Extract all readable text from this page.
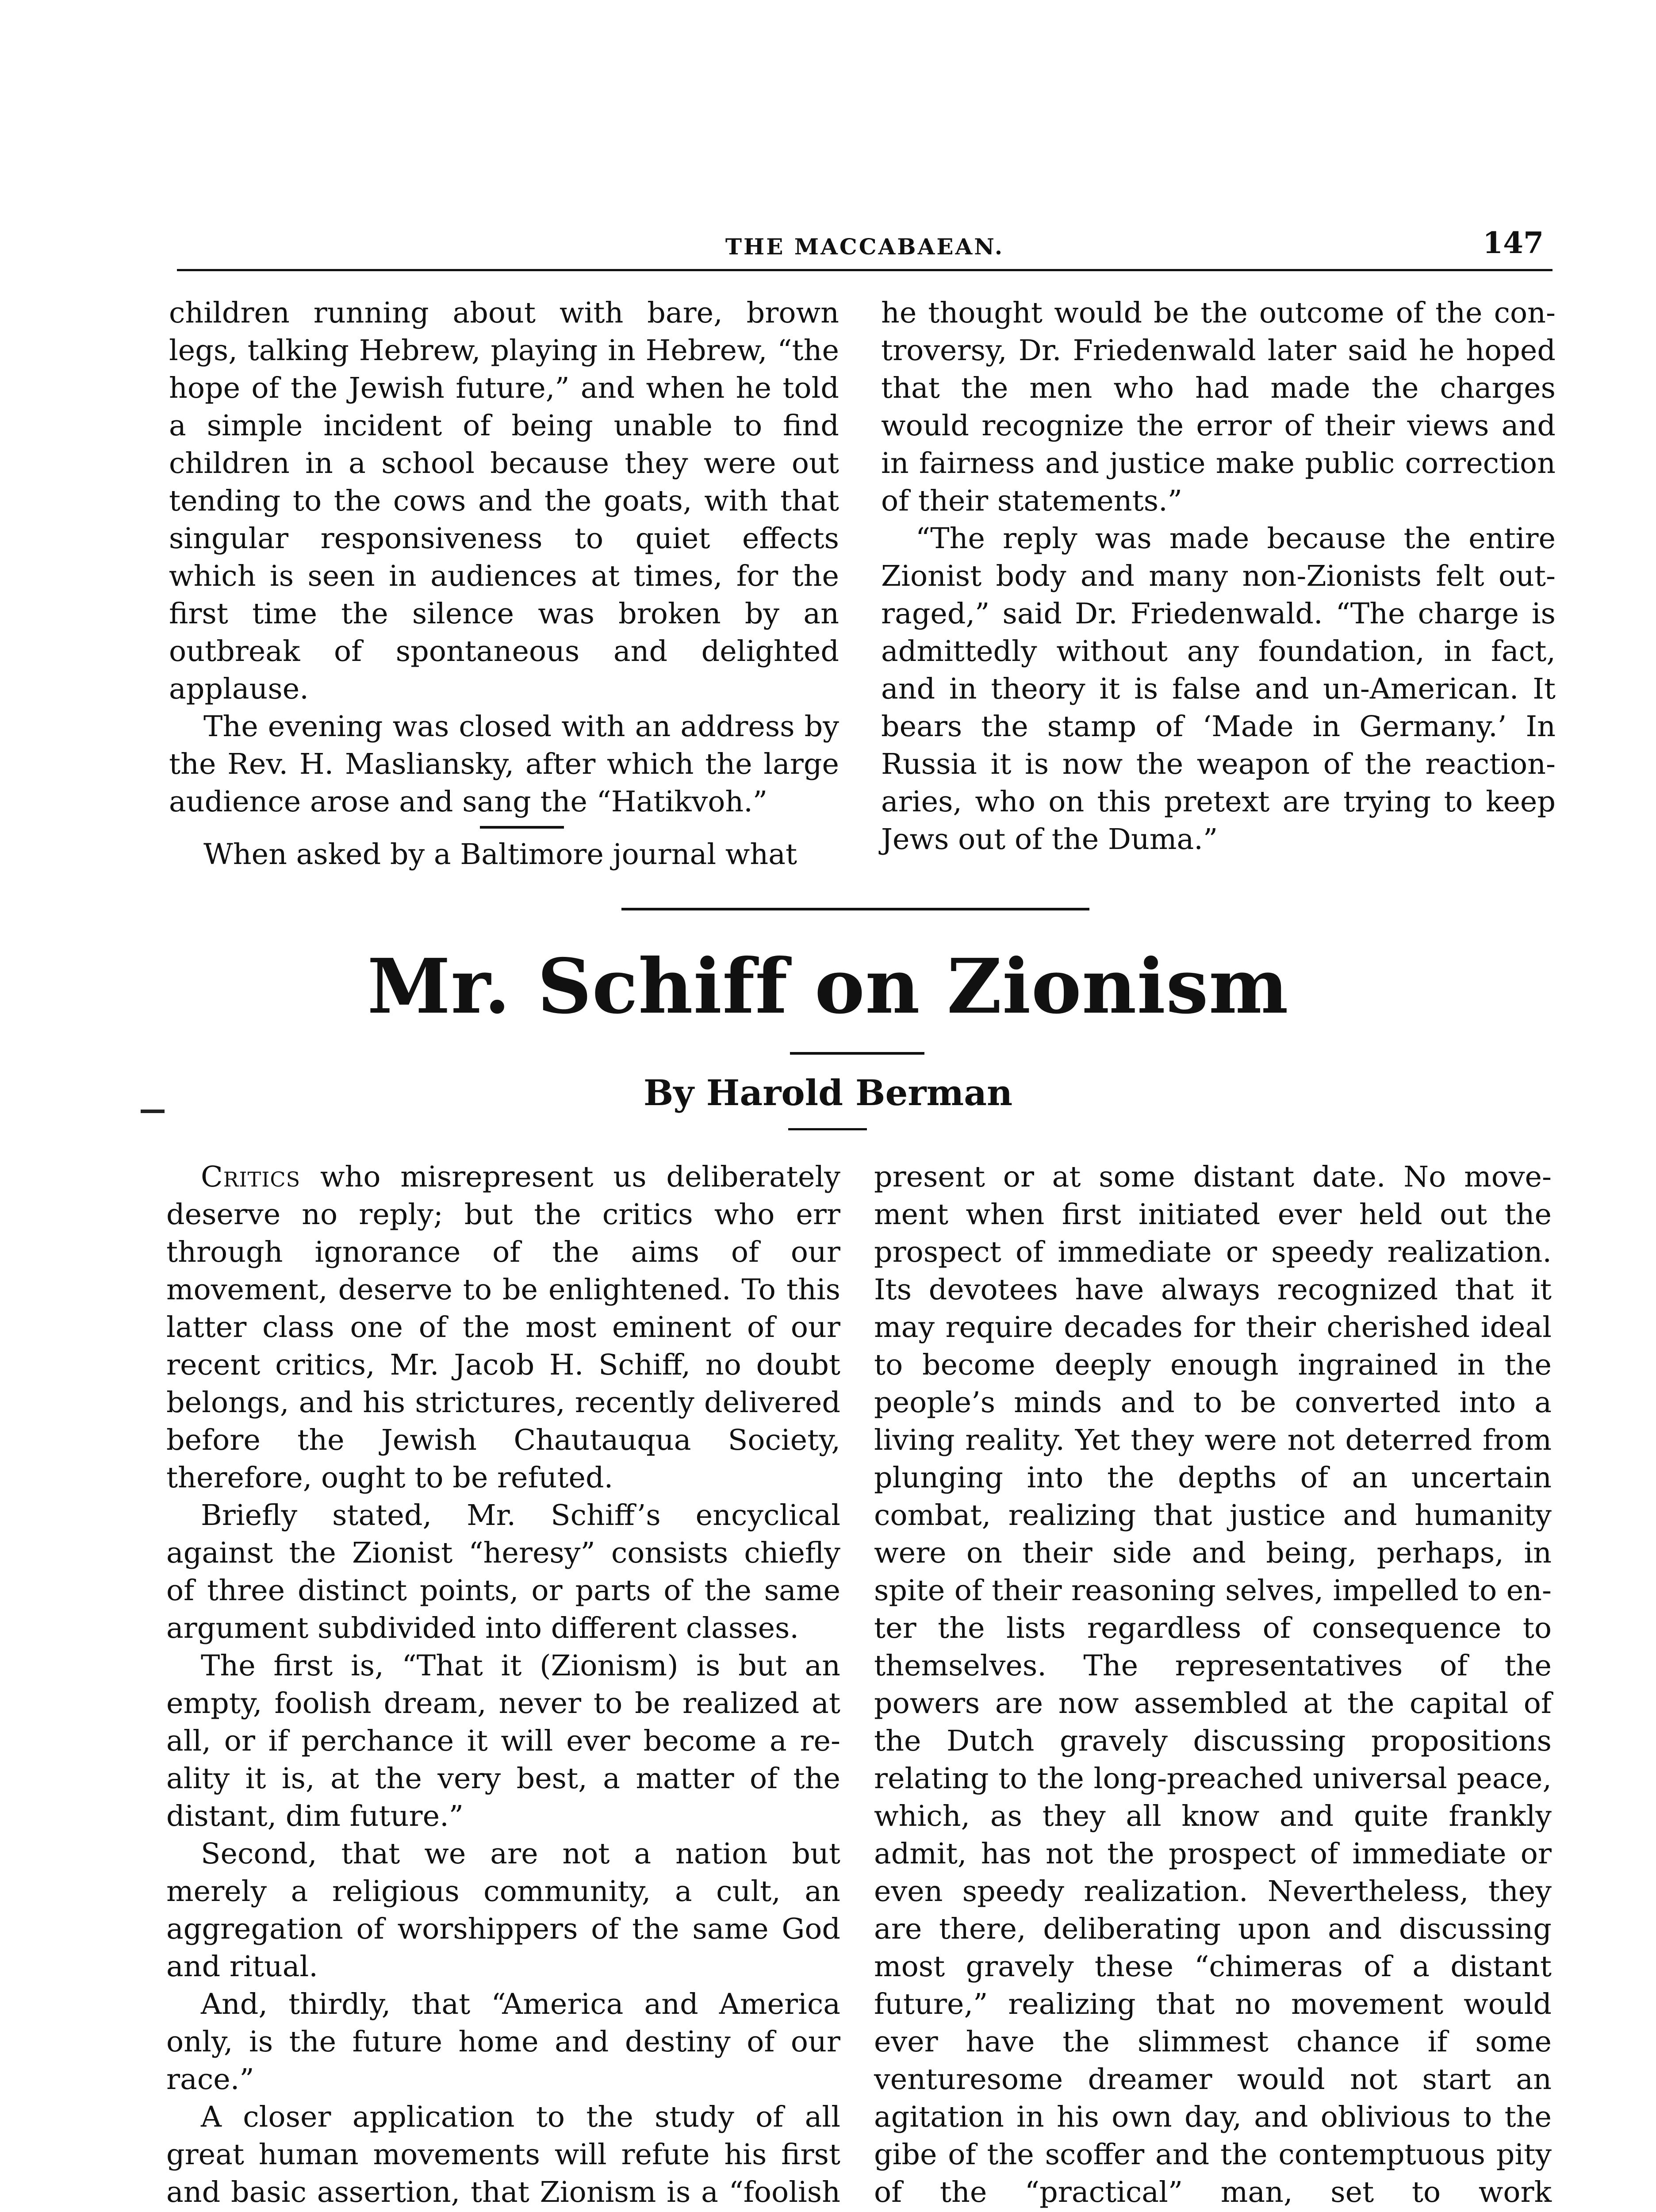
THE MACCABAEAN.	147

children running about with bare, brown legs, talking Hebrew, playing in Hebrew, “the hope of the Jewish future,” and when he told a simple incident of being unable to find children in a school because they were out tending to the cows and the goats, with that singular responsiveness to quiet effects which is seen in audiences at times, for the first time the silence was broken by an outbreak of spontaneous and delighted applause.

The evening was closed with an address by the Rev. H. Masliansky, after which the large audience arose and sang the “Hatikvoh.”

When asked by a Baltimore journal what

he thought would be the outcome of the controversy, Dr. Friedenwald later said he hoped that the men who had made the charges would recognize the error of their views and in fairness and justice make public correction of their statements.”

“The reply was made because the entire Zionist body and many non-Zionists felt outraged,” said Dr. Friedenwald. “The charge is admittedly without any foundation, in fact, and in theory it is false and un-American. It bears the stamp of ‘Made in Germany.’ In Russia it is now the weapon of the reactionaries, who on this pretext are trying to keep Jews out of the Duma.”

Mr. Schiff on Zionism
By Harold Berman

Critics who misrepresent us deliberately deserve no reply; but the critics who err through ignorance of the aims of our movement, deserve to be enlightened. To this latter class one of the most eminent of our recent critics, Mr. Jacob H. Schiff, no doubt belongs, and his strictures, recently delivered before the Jewish Chautauqua Society, therefore, ought to be refuted.

Briefly stated, Mr. Schiff’s encyclical against the Zionist “heresy” consists chiefly of three distinct points, or parts of the same argument subdivided into different classes.

The first is, “That it (Zionism) is but an empty, foolish dream, never to be realized at all, or if perchance it will ever become a reality it is, at the very best, a matter of the distant, dim future.”

Second, that we are not a nation but merely a religious community, a cult, an aggregation of worshippers of the same God and ritual.

And, thirdly, that “America and America only, is the future home and destiny of our race.”

A closer application to the study of all great human movements will refute his first and basic assertion, that Zionism is a “foolish

present or at some distant date. No movement when first initiated ever held out the prospect of immediate or speedy realization. Its devotees have always recognized that it may require decades for their cherished ideal to become deeply enough ingrained in the people’s minds and to be converted into a living reality. Yet they were not deterred from plunging into the depths of an uncertain combat, realizing that justice and humanity were on their side and being, perhaps, in spite of their reasoning selves, impelled to enter the lists regardless of consequence to themselves. The representatives of the powers are now assembled at the capital of the Dutch gravely discussing propositions relating to the long-preached universal peace, which, as they all know and quite frankly admit, has not the prospect of immediate or even speedy realization. Nevertheless, they are there, deliberating upon and discussing most gravely these “chimeras of a distant future,” realizing that no movement would ever have the slimmest chance if some venturesome dreamer would not start an agitation in his own day, and oblivious to the gibe of the scoffer and the contemptuous pity of the “practical” man, set to work
